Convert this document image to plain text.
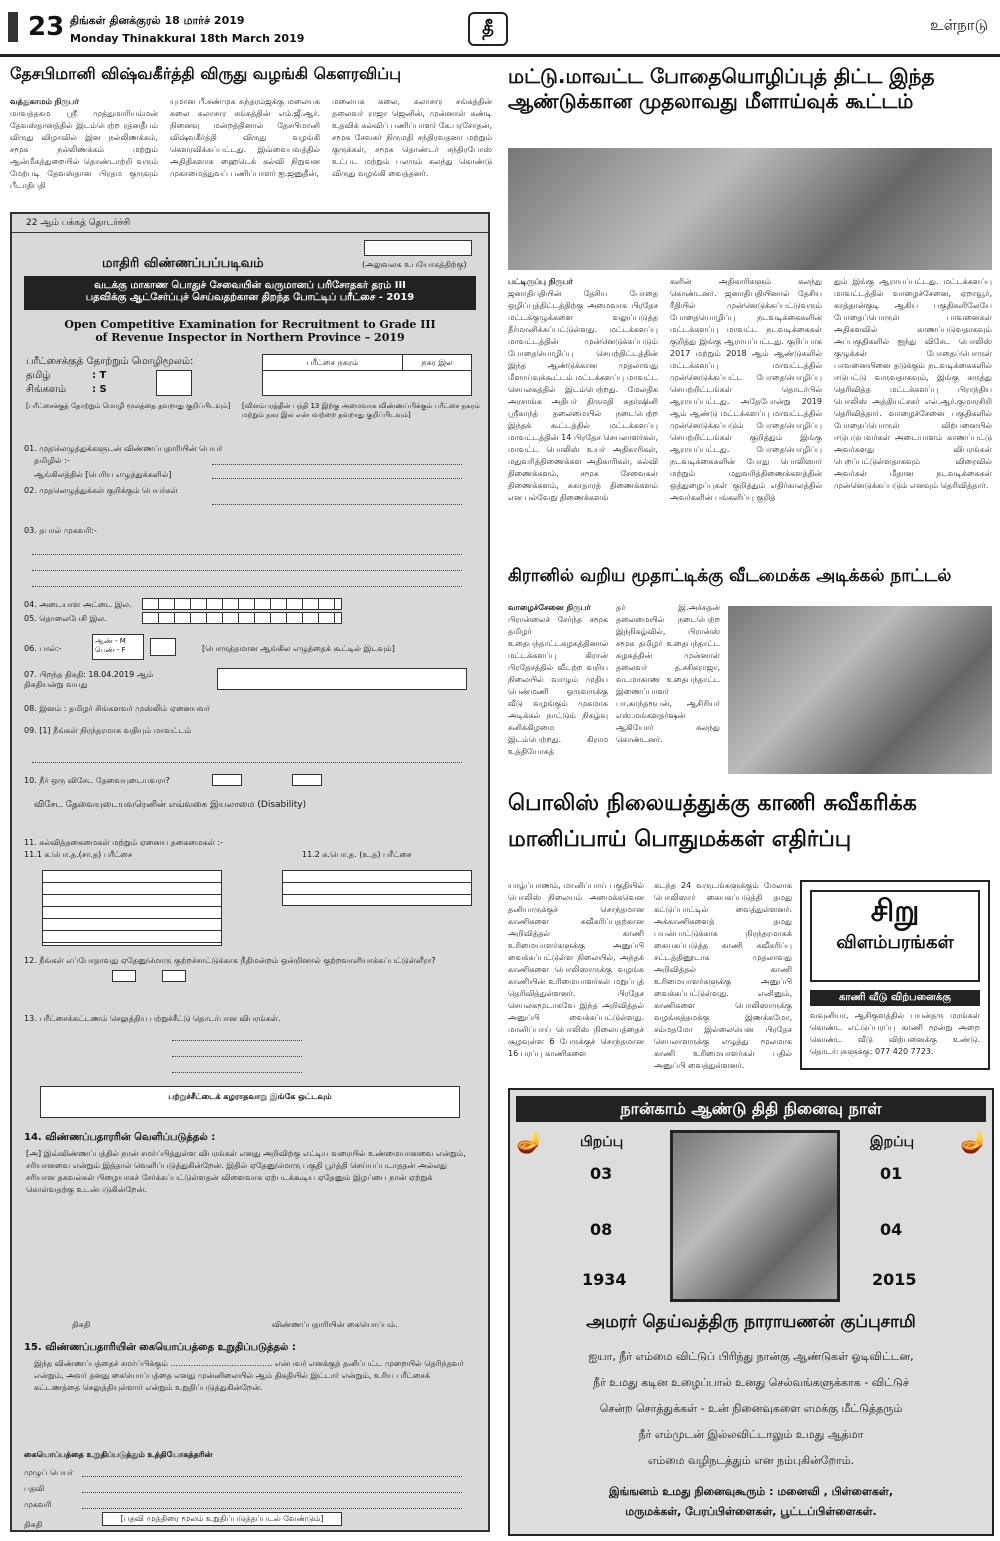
23 திங்கள் தினக்குரல் 18 மார்ச் 2019
Monday Thinakkural 18th March 2019	தீ	உள்நாடு
தேசபிமானி விஷ்வகீர்த்தி விருது வழங்கி கௌரவிப்பு
வத்துகாமம் நிருபர்
மாவத்தகம ஸ்ரீ முத்துமாரியம்மன் தேவஸ்தானத்தில் இடம்பெற்ற ரத்னதீபம் விருது விழாவில் இன நல்லிணக்கம், சமூக நல்லிணக்கம் மற்றும் ஆன்மீகத்துறையில் தொண்டாற்றி வரும் மேற்படி தேவஸ்தான பிரதம குருவும் பீடாதிபதி
யுமான பீ.சண்முக சுந்தரம்ஜக்கு மலையக கலை கலாசார சங்கத்தின் எம்.ஜீ.ஆர். நினைவு மன்றத்தினால் தேசபிமானி விஷ்வகீர்த்தி விருது வழங்கி கௌரவிக்கப்பட்டது. இவ்வைபவத்தில் அதிதிகளாக ஹைடெக் கல்வி நிறுவன முகாமைத்துவப் பணிப்பாளர் ஐ.ஜனுதீன்,
மலையக கலை, கலாசார சங்கத்தின் தலைவர் ராஜா ஜெனின், முன்னாள் கண்டி உதவிக் கல்விப் பணிப்பாளர் கே.பரசோதன், சமூக சேவகர் நிருமதி சந்திரவதனா மற்றும் குருக்கள், சமூக தொண்டர் சந்திரபோஸ் உட்பட மற்றும் பலரும் கலந்து கொண்டு விருது வழங்கி வைத்தனர்.
22 ஆம் பக்கத் தொடர்ச்சி
மாதிரி விண்ணப்பப்படிவம்	(அலுவலக உபயோகத்திற்கு)
வடக்கு மாகாண பொதுச் சேவையின் வருமானப் பரிசோதகர் தரம் III
பதவிக்கு ஆட்சேர்ப்புச் செய்வதற்கான திறந்த போட்டிப் பரீட்சை - 2019
Open Competitive Examination for Recruitment to Grade III
of Revenue Inspector in Northern Province – 2019
பரீட்சைக்குத் தோற்றும் மொழிமூலம்:
தமிழ்	: T
சிங்களம்	: S
பரீட்சை நகரம்	நகர இல
[பரீட்சைக்குத் தோற்றும் மொழி மூலத்தை தவறாது குறிப்பிடவும்]	[விளம்பரத்தின் பந்தி 13 இற்கு அமைவாக விண்ணப்பிக்கும் பரீட்சை நகரம் மற்றும் நகர இல என்பவற்றை தவறாது குறிப்பிடவும்]
01. முதலெழுத்துக்களுடன் விண்ணப்பதாரியின் பெயர்
தமிழில் :-
ஆங்கிலத்தில் [பெரிய எழுத்துக்களில்]
02. முதலெழுத்துக்கள் குறிக்கும் பெயர்கள்
03. தபால் முகவரி:-
04. அடையாள அட்டை இல.
05. தொலைபேசி இல.
06. பால்:-
ஆண் - M
பெண் - F	[பொருத்தமான ஆங்கில எழுத்தைக் கூட்டில் இடவும்]
07. பிறந்த திகதி: 18.04.2019 ஆம் திகதியன்று வயது
08. இனம் : தமிழர் சிங்களவர் முஸ்லிம் ஏனையவர்
09. [1] நீங்கள் நிரந்தரமாக வதியும் மாவட்டம்
10. நீர் ஒரு விசேட தேவையுடையவரா?
விசேட தேவையுடையவரெனின் எவ்வகை இயலாமை (Disability)
11. கல்வித்தகைமைகள் மற்றும் ஏனைய தகைமைகள் :-
11.1 க.பொ.த.(சா.த) பரீட்சை	11.2 க.பொ.த. (உ.த) பரீட்சை
12. நீங்கள் எப்போதாவது ஏதேனுமொரு குற்றச்சாட்டுக்காக நீதிமன்றம் ஒன்றினால் குற்றவாளியாக்கப்பட்டுள்ளீரா?
13. பரீட்சைக்கட்டணம் செலுத்திய பற்றுச்சீட்டு தொடர்பான விபரங்கள்.
பற்றுச்சீட்டைக் கழராதவாறு இங்கே ஒட்டவும்
14. விண்ணப்பதாரரின் வெளிப்படுத்தல் :
[அ] இவ்விண்ணப்பத்தில் நான் சமர்ப்பித்துள்ள விபரங்கள் எனது அறிவிற்கு எட்டிய வரையில் உண்மையானவை என்றும், சரியானவை என்றும் இத்தால் வெளிப்படுத்துகின்றேன். இதில் ஏதேனுமொரு பகுதி பூர்த்தி செய்யப்படாததன் அல்லது சரியான தகவல்கள் பிழையாகச் சேர்க்கப்பட்டுள்ளதன் விளைவாக ஏற்படக்கூடிய ஏதேனும் இழப்பை நான் ஏற்றுக் கொள்வதற்கு உடன்படுகின்றேன்.
திகதி	விண்ணப்பதாரியின் கையொப்பம்.
15. விண்ணப்பதாரியின் கையொப்பத்தை உறுதிப்படுத்தல் :
இந்த விண்ணப்பத்தைச் சமர்ப்பிக்கும் ........................................ என்பவர் எனக்குத் தனிப்பட்ட முறையில் தெரிந்தவர் என்றும், அவர் தனது கையொப்பத்தை எனது முன்னிலையில் ஆம் திகதியில் இட்டார் என்றும், உரிய பரீட்சைக் கட்டணத்தை செலுத்தியுள்ளார் என்றும் உறுதிப்படுத்துகின்றேன்.
கையொப்பத்தை உறுதிப்படுத்தும் உத்தியோகத்தரின்
முழுப் பெயர்
பதவி
முகவரி
[பதவி முத்திரை மூலம் உறுதிப்படுத்தப்படல் வேண்டும்]
திகதி
மட்டு.மாவட்ட போதையொழிப்புத் திட்ட இந்த
ஆண்டுக்கான முதலாவது மீளாய்வுக் கூட்டம்
பட்டிருப்பு நிருபர்
ஜனாதிபதியின் தேசிய போதை ஒழிப்புத்திட்டத்திற்கு அமைவாக பிரதேச மட்டக்குழுக்களை வலுப்படுத்த தீர்மானிக்கப்பட்டுள்ளது. மட்டக்களப்பு மாவட்டத்தின் முன்னெடுக்கப்படும் போதையொழிப்பு செயற்திட்டத்தின் இந்த ஆண்டுக்கான முதலாவது மீளாய்வுக்கூட்டம் மட்டக்களப்பு மாவட்ட செயலகத்தில் இடம்பெற்றது. மேலதிக அரசாங்க அதிபர் திருமதி சுதர்ஷினி ஸ்ரீகாந்த் தலைமையில் நடைபெற்ற இந்தக் கூட்டத்தில் மட்டக்களப்பு மாவட்டத்தின் 14 பிரதேச செயலாளர்கள், மாவட்ட பொலிஸ் உயர் அதிகாரிகள், மதுவரித்திணைக்கள அதிகாரிகள், கல்வி திணைக்களம், சமூக சேவைகள் திணைக்களம், சுகாதாரத் திணைக்களம் என பல்வேறு திணைக்களங்
களின் அதிகாரிகளும் கலந்து கொண்டனர். ஜனாதிபதியினால் தேசிய ரீதியில் முன்னெடுக்கப்பட்டுவரும் போதையொழிப்பு நடவடிக்கைகளின் மட்டக்களப்பு மாவட்ட நடவடிக்கைகள் குறித்து இங்கு ஆராயப்பட்டது. குறிப்பாக 2017 மற்றும் 2018 ஆம் ஆண்டுகளில் மட்டக்களப்பு மாவட்டத்தில் முன்னெடுக்கப்பட்ட போதையொழிப்பு செயற்றிட்டங்கள் தொடர்பில் ஆராயப்பட்டது. அதேபோன்று 2019 ஆம் ஆண்டு மட்டக்களப்பு மாவட்டத்தில் முன்னெடுக்கப்படும் போதையொழிப்பு செயற்றிட்டங்கள் குறித்தும் இங்கு ஆராயப்பட்டது. போதையொழிப்பு நடவடிக்கைகளின் போது பொலிஸார் மற்றும் மதுவரித்திணைக்களத்தின் ஒத்துழைப்புகள் குறித்தும் எதிர்காலத்தில் அவர்களின் பங்களிப்பு குறித்
தும் இங்கு ஆராயப்பட்டது. மட்டக்களப்பு மாவட்டத்தில் வாழைச்சேனை, ஏறாவூர், காத்தான்குடி ஆகிய பகுதிகளிலேயே போதைப்பொருள் பாவனைகள் அதிகளவில் காணப்படுவதாகவும் அப்பகுதிகளில் ஐந்து விசேட பொலிஸ் குழுக்கள் போதைப்பொருள் பாவனையினை தடுக்கும் நடவடிக்கைகளில் ஈடுபட்டு வருவதாகவும், இங்கு கருத்து தெரிவித்த மட்டக்களப்பு பிராந்திய பொலிஸ் அத்தியட்சகர் எல்.ஆர்.குமாரசிறி தெரிவித்தார். வாழைச்சேனை பகுதிகளில் போதைப்பொருள் விற்பனையில் ஈடுபடுபவர்கள் அடையாளம் காணப்பட்டு அவர்களது விபரங்கள் பெறப்பட்டுள்ளதாகவும் விரைவில் அவர்கள் மீதான நடவடிக்கைகள் முன்னெடுக்கப்படும் எனவும் தெரிவித்தார்.
கிரானில் வறிய மூதாட்டிக்கு வீடமைக்க அடிக்கல் நாட்டல்
வாழைச்சேனை நிருபர்
பிரான்லைச் சேர்ந்த சமூக தமிழர் உதைபந்தாட்டகழகத்தினால் மட்டக்களப்பு கிரான் பிரதேசத்தில் வீடற்ற வறிய நிலையில் வாழும் முதிய பெண்மணி ஒருவருக்கு வீடு வழங்கும் முகமாக அடிக்கல் நாட்டும் நிகழ்வு சனிக்கிழமை இடம்பெற்றது. கிராம உத்தியோகத்
தர் இ.அச்சுதன் தலைமையில் நடைபெற்ற இந்நிகழ்வில், பிரான்ஸ் சமூக தமிழர் உதைபந்தாட்ட கழகத்தின் முன்னாள் தலைவர் த.சசிகராஜா, வடமாகாண உதைபந்தாட்ட இணைப்பாளர் பா.காந்தரூபன், ஆசிரியர் எஸ்.மங்களதர்ஷன் ஆகியோர் கலந்து கொண்டனர்.
பொலிஸ் நிலையத்துக்கு காணி சுவீகரிக்க
மானிப்பாய் பொதுமக்கள் எதிர்ப்பு
யாழ்ப்பாணம், மானிப்பாய் பகுதியில் பொலிஸ் நிலையம் அமைக்கவென தனியாருக்குச் சொந்தமான காணிகளை சுவீகரிப்பதற்கான அறிவித்தல் காணி உரிமையாளர்களுக்கு அனுப்பி வைக்கப்பட்டுள்ள நிலையில், அந்தக் காணிகளை பொலிஸாருக்கு வழங்க காணியின் உரிமையாளர்கள் மறுப்புத் தெரிவித்துள்ளனர். பிரதேச செயலகமூடாகவே இந்த அறிவித்தல் அனுப்பி வைக்கப்பட்டுள்ளது. மானிப்பாய் பொலிஸ் நிலையத்தைச் சூழவுள்ள 6 பேருக்குச் சொந்தமான 16 பரப்பு காணிகளை
கடந்த 24 வருடங்களுக்கும் மேலாக பொலிஸார் கையகப்படுத்தி தமது கட்டுப்பாட்டில் வைத்துள்ளனர். அக்காணிகளைத் தமது பயன்பாட்டுக்காக நிரந்தரமாகக் கையகப்படுத்த காணி சுவீகரிப்பு சட்டத்தினூடாக முதலாவது அறிவித்தல் காணி உரிமையாளர்களுக்கு அனுப்பி வைக்கப்பட்டுள்ளது. எனினும், காணிகளை பொலிஸாருக்கு வழங்கத்தமக்கு இணக்கமோ, சம்மதமோ இல்லையென பிரதேச செயலாளருக்கு எழுத்து மூலமாக காணி உரிமையாளர்கள் பதில் அனுப்பி வைத்துள்ளனர்.
சிறு
விளம்பரங்கள்
காணி வீடு விற்பனைக்கு
வவுனியா, ஆசிகுளத்தில் பயன்தரு மரங்கள் கொண்ட எட்டுப்பரப்பு காணி மூன்று அறை கொண்ட வீடு விற்பனைக்கு உண்டு. தொடர்புகளுக்கு: 077 420 7723.
நான்காம் ஆண்டு திதி நினைவு நாள்
🪔	🪔
பிறப்பு
03
08
1934
இறப்பு
01
04
2015
அமரர் தெய்வத்திரு நாராயணன் குப்புசாமி
ஐயா, நீர் எம்மை விட்டுப் பிரிந்து நான்கு ஆண்டுகள் ஓடிவிட்டன,
நீர் உமது கடின உழைப்பால் உனது செல்வங்களுக்காக - விட்டுச்
சென்ற சொத்துக்கள் - உன் நினைவுகளை எமக்கு மீட்டுத்தரும்
நீர் எம்முடன் இல்லவிட்டாலும் உமது ஆத்மா
எம்மை வழிநடத்தும் என நம்புகின்றோம்.
இங்ஙனம் உமது நினைவுகூரும் : மனைவி , பிள்ளைகள்,
மருமக்கள், பேரப்பிள்ளைகள், பூட்டப்பிள்ளைகள்.
